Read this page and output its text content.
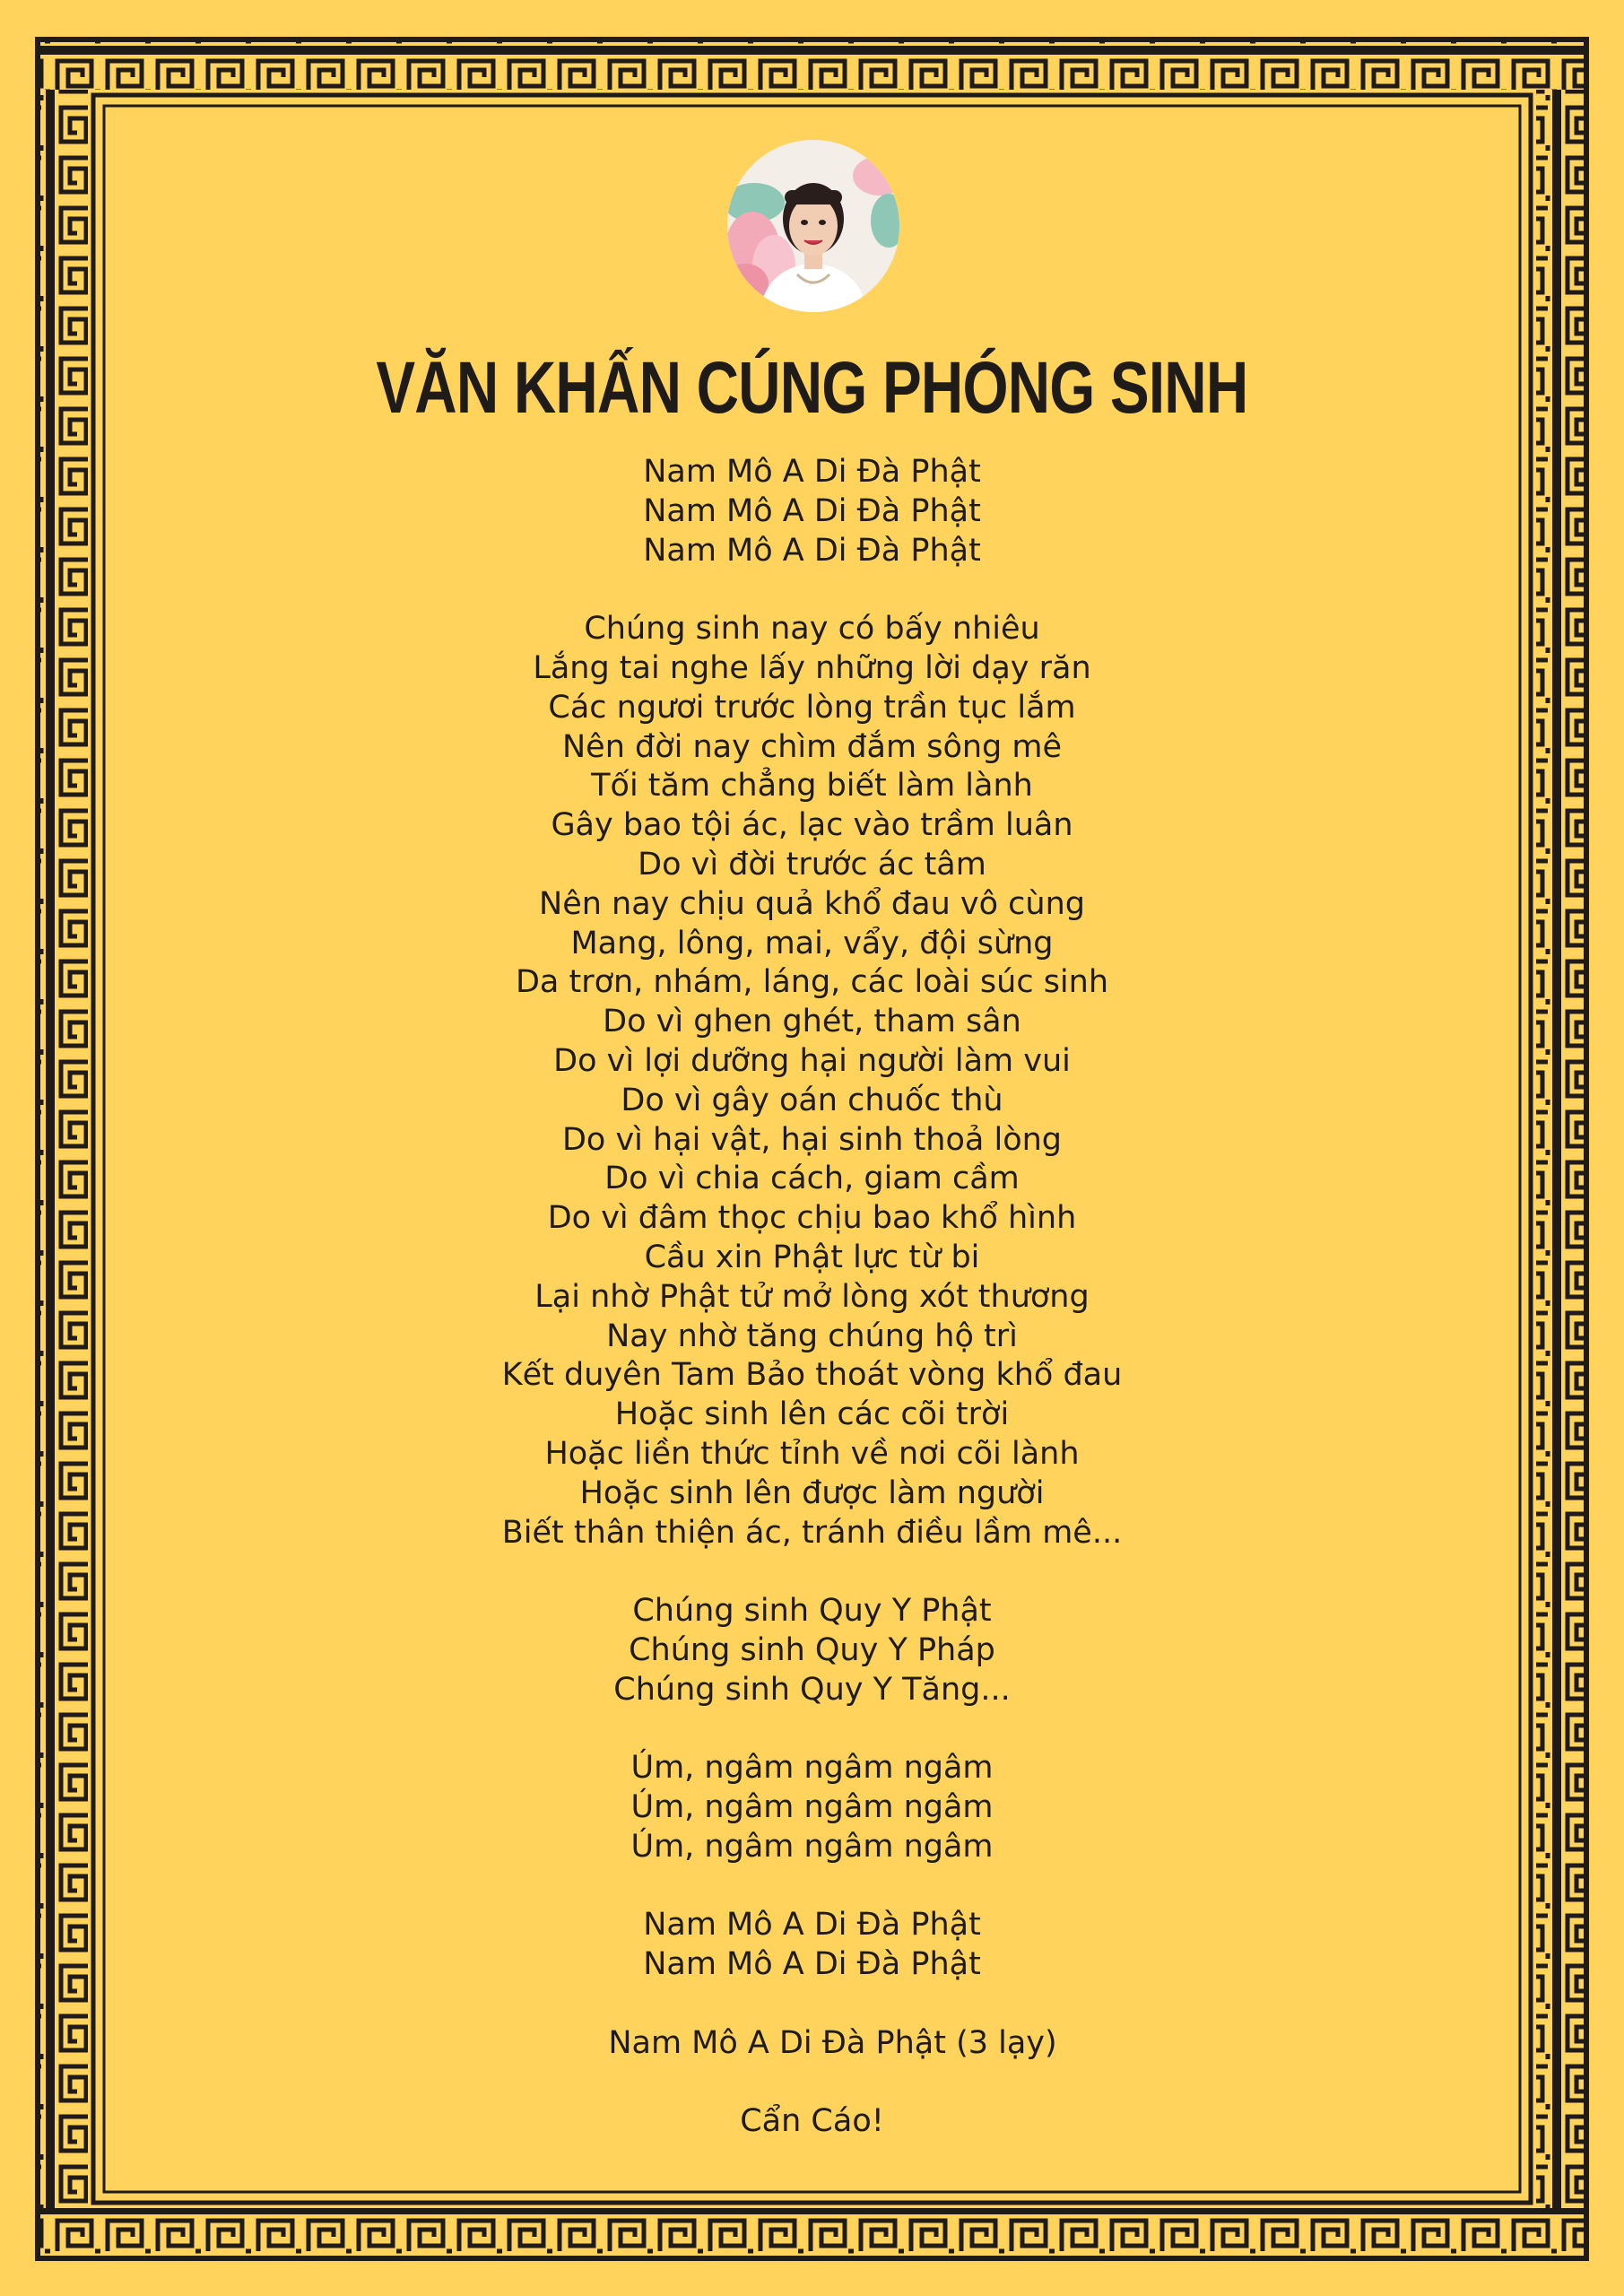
VĂN KHẤN CÚNG PHÓNG SINH
Nam Mô A Di Đà Phật
Nam Mô A Di Đà Phật
Nam Mô A Di Đà Phật
Chúng sinh nay có bấy nhiêu
Lắng tai nghe lấy những lời dạy răn
Các ngươi trước lòng trần tục lắm
Nên đời nay chìm đắm sông mê
Tối tăm chẳng biết làm lành
Gây bao tội ác, lạc vào trầm luân
Do vì đời trước ác tâm
Nên nay chịu quả khổ đau vô cùng
Mang, lông, mai, vẩy, đội sừng
Da trơn, nhám, láng, các loài súc sinh
Do vì ghen ghét, tham sân
Do vì lợi dưỡng hại người làm vui
Do vì gây oán chuốc thù
Do vì hại vật, hại sinh thoả lòng
Do vì chia cách, giam cầm
Do vì đâm thọc chịu bao khổ hình
Cầu xin Phật lực từ bi
Lại nhờ Phật tử mở lòng xót thương
Nay nhờ tăng chúng hộ trì
Kết duyên Tam Bảo thoát vòng khổ đau
Hoặc sinh lên các cõi trời
Hoặc liền thức tỉnh về nơi cõi lành
Hoặc sinh lên được làm người
Biết thân thiện ác, tránh điều lầm mê...
Chúng sinh Quy Y Phật
Chúng sinh Quy Y Pháp
Chúng sinh Quy Y Tăng...
Úm, ngâm ngâm ngâm
Úm, ngâm ngâm ngâm
Úm, ngâm ngâm ngâm
Nam Mô A Di Đà Phật
Nam Mô A Di Đà Phật
Nam Mô A Di Đà Phật (3 lạy)
Cẩn Cáo!
